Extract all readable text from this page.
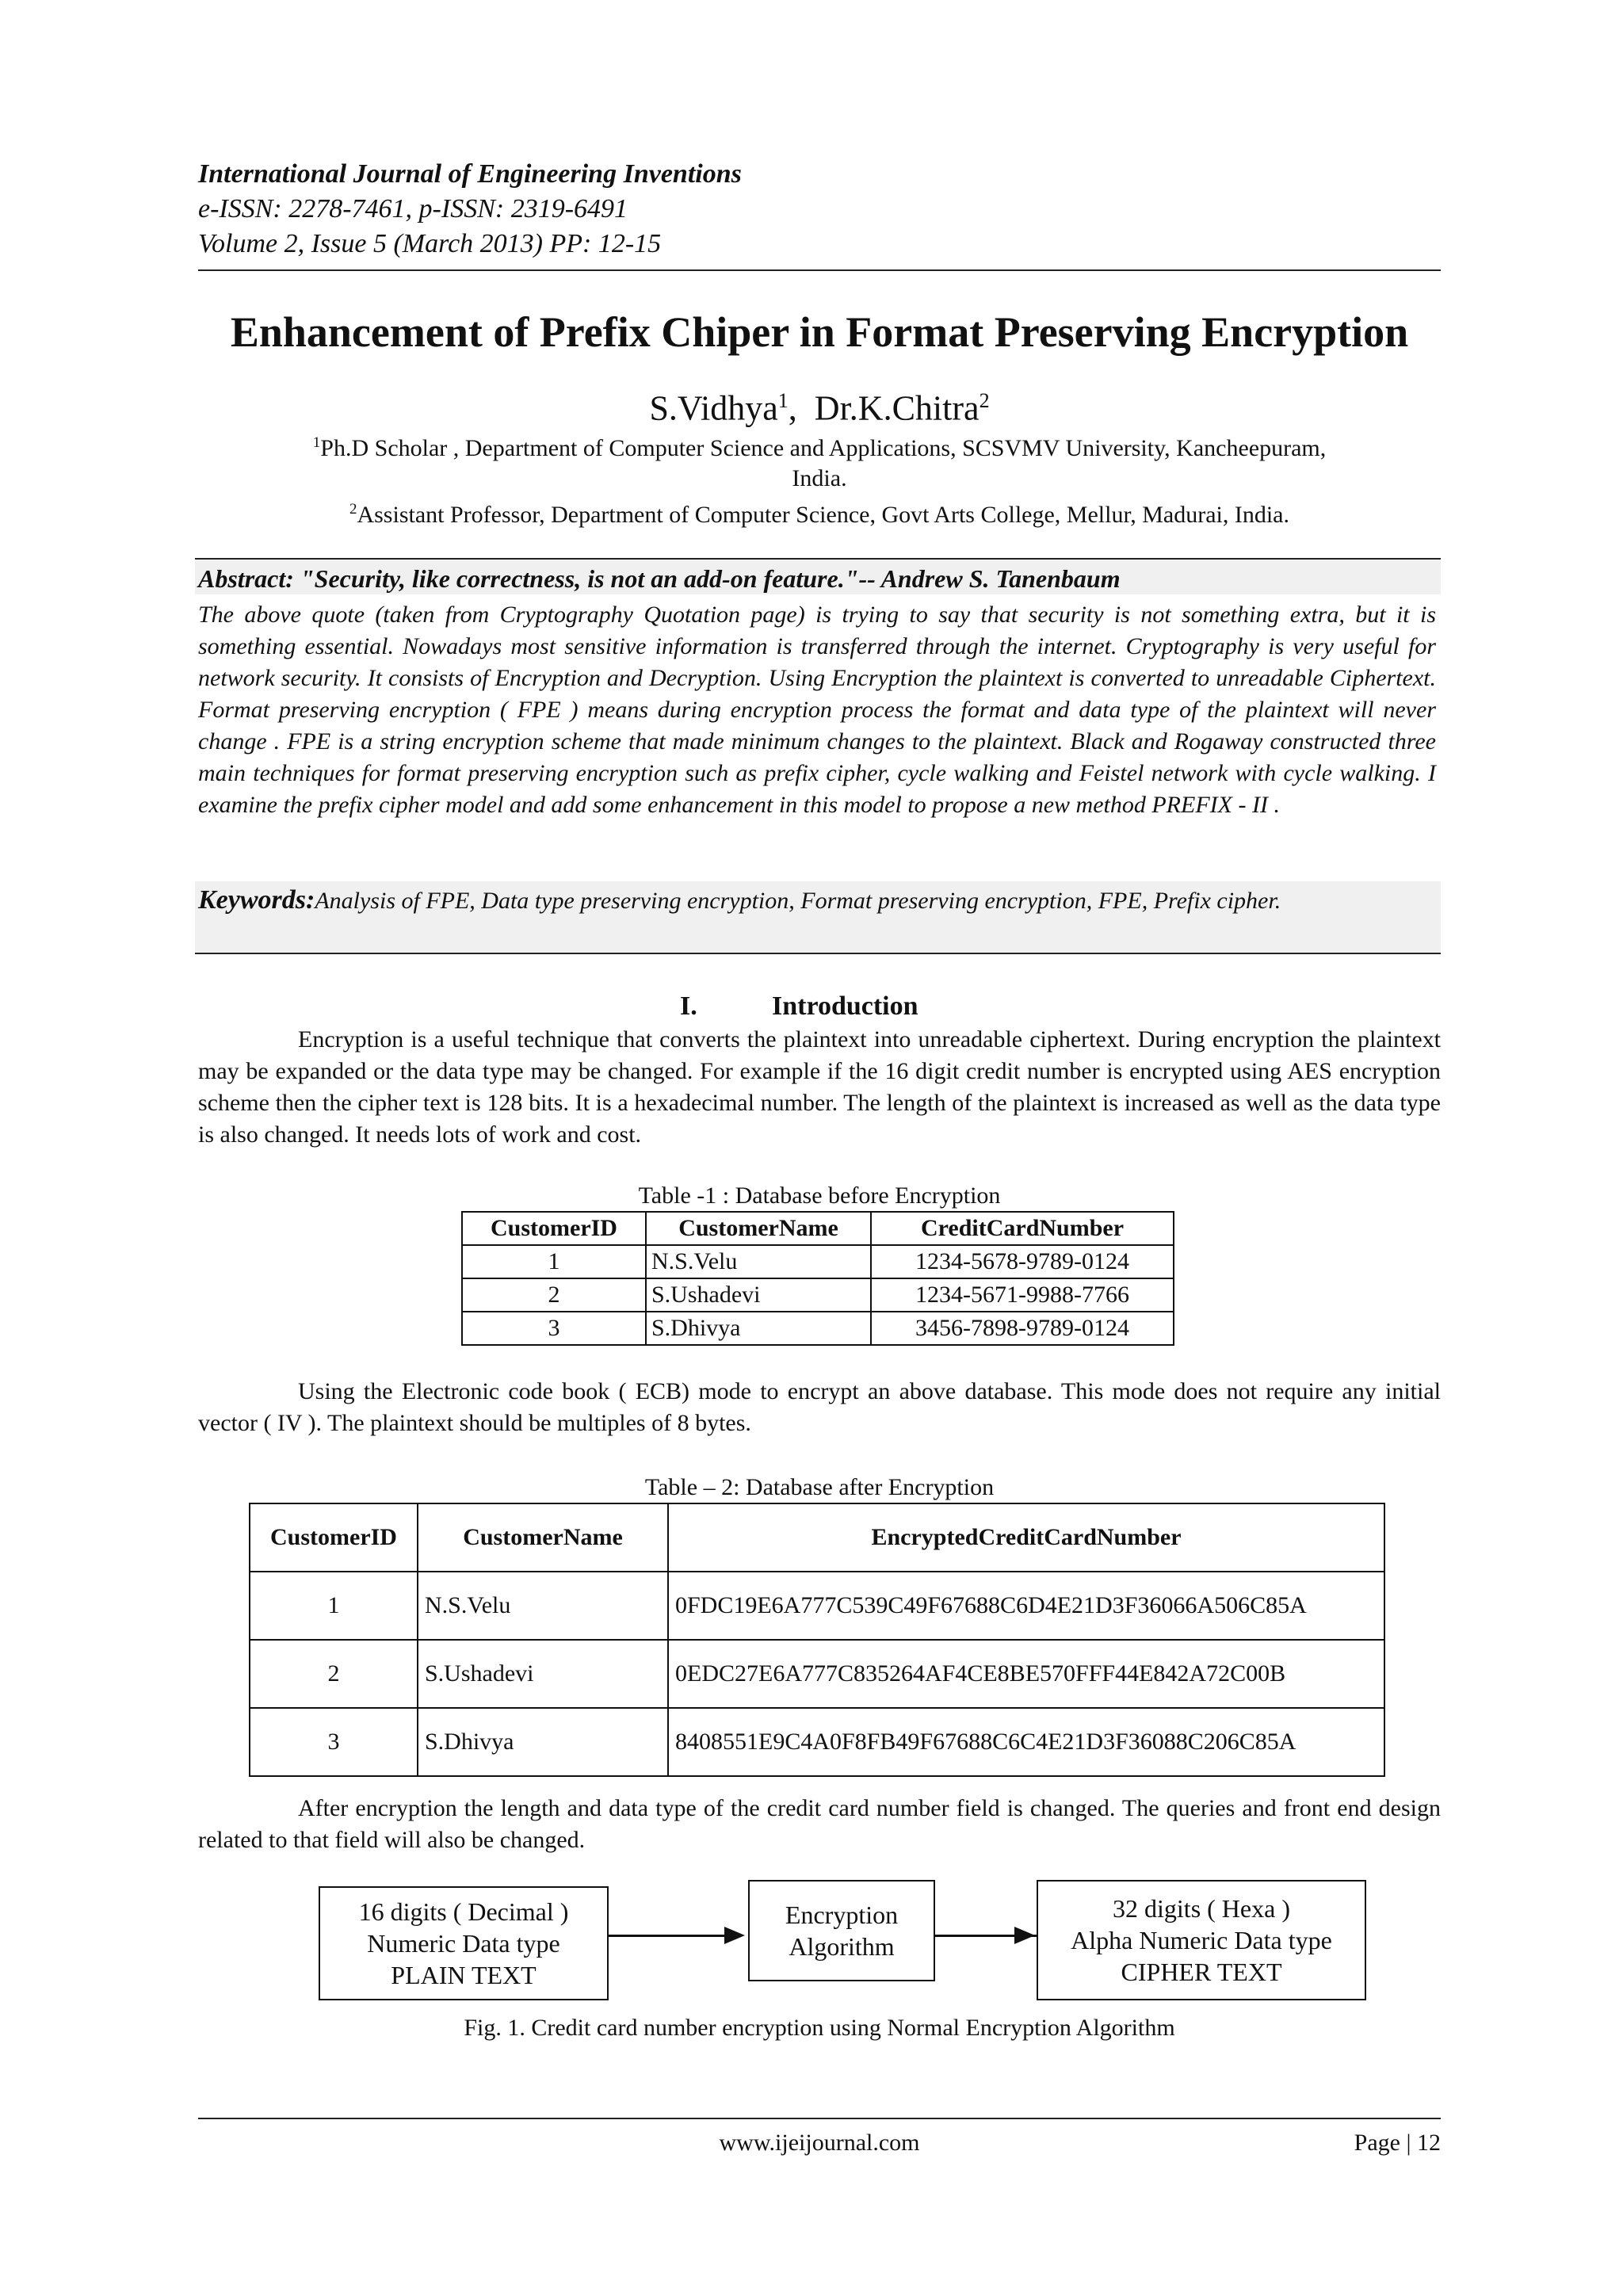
International Journal of Engineering Inventions
e-ISSN: 2278-7461, p-ISSN: 2319-6491
Volume 2, Issue 5 (March 2013) PP: 12-15
Enhancement of Prefix Chiper in Format Preserving Encryption
S.Vidhya$^1$,  Dr.K.Chitra$^2$
$^1$Ph.D Scholar , Department of Computer Science and Applications, SCSVMV University, Kancheepuram,
India.
$^2$Assistant Professor, Department of Computer Science, Govt Arts College, Mellur, Madurai, India.
Abstract: "Security, like correctness, is not an add-on feature."-- Andrew S. Tanenbaum
The above quote (taken from Cryptography Quotation page) is trying to say that security is not something extra, but it is something essential. Nowadays most sensitive information is transferred through the internet. Cryptography is very useful for network security. It consists of Encryption and Decryption. Using Encryption the plaintext is converted to unreadable Ciphertext. Format preserving encryption ( FPE ) means during encryption process the format and data type of the plaintext will never change . FPE is a string encryption scheme that made minimum changes to the plaintext. Black and Rogaway constructed three main techniques for format preserving encryption such as prefix cipher, cycle walking and Feistel network with cycle walking. I examine the prefix cipher model and add some enhancement in this model to propose a new method PREFIX - II .
Keywords:Analysis of FPE, Data type preserving encryption, Format preserving encryption, FPE, Prefix cipher.
I.	Introduction
Encryption is a useful technique that converts the plaintext into unreadable ciphertext. During encryption the plaintext may be expanded or the data type may be changed. For example if the 16 digit credit number is encrypted using AES encryption scheme then the cipher text is 128 bits. It is a hexadecimal number. The length of the plaintext is increased as well as the data type is also changed. It needs lots of work and cost.
Table -1 : Database before Encryption
CustomerID	CustomerName	CreditCardNumber
1	N.S.Velu	1234-5678-9789-0124
2	S.Ushadevi	1234-5671-9988-7766
3	S.Dhivya	3456-7898-9789-0124
Using the Electronic code book ( ECB) mode to encrypt an above database. This mode does not require any initial vector ( IV ). The plaintext should be multiples of 8 bytes.
Table – 2: Database after Encryption
CustomerID	CustomerName	EncryptedCreditCardNumber
1	N.S.Velu	0FDC19E6A777C539C49F67688C6D4E21D3F36066A506C85A
2	S.Ushadevi	0EDC27E6A777C835264AF4CE8BE570FFF44E842A72C00B
3	S.Dhivya	8408551E9C4A0F8FB49F67688C6C4E21D3F36088C206C85A
After encryption the length and data type of the credit card number field is changed. The queries and front end design related to that field will also be changed.
16 digits ( Decimal )
Numeric Data type
PLAIN TEXT
Encryption
Algorithm
32 digits ( Hexa )
Alpha Numeric Data type
CIPHER TEXT
Fig. 1. Credit card number encryption using Normal Encryption Algorithm
www.ijeijournal.com	Page | 12
